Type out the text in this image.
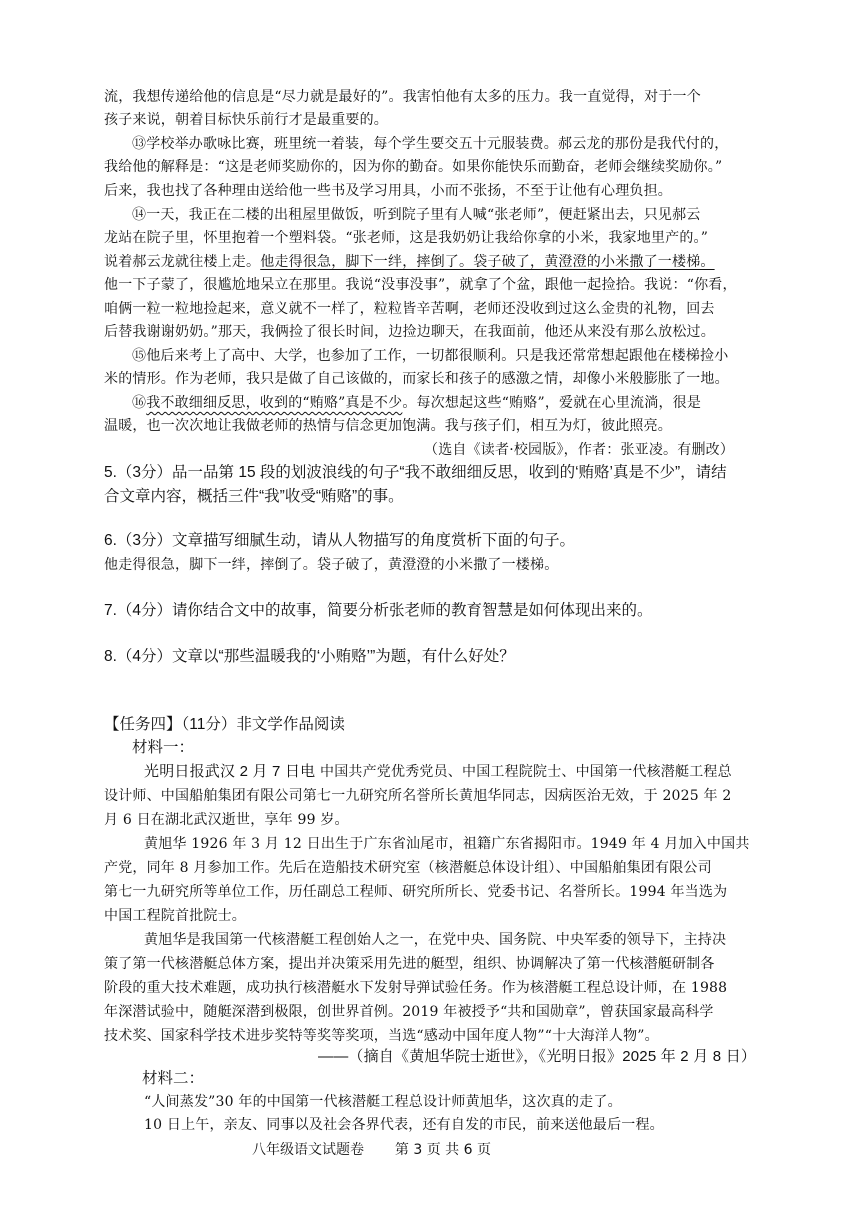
流，我想传递给他的信息是“尽力就是最好的”。我害怕他有太多的压力。我一直觉得，对于一个
孩子来说，朝着目标快乐前行才是最重要的。
⑬学校举办歌咏比赛，班里统一着装，每个学生要交五十元服装费。郝云龙的那份是我代付的，
我给他的解释是：“这是老师奖励你的，因为你的勤奋。如果你能快乐而勤奋，老师会继续奖励你。”
后来，我也找了各种理由送给他一些书及学习用具，小而不张扬，不至于让他有心理负担。
⑭一天，我正在二楼的出租屋里做饭，听到院子里有人喊“张老师”，便赶紧出去，只见郝云
龙站在院子里，怀里抱着一个塑料袋。“张老师，这是我奶奶让我给你拿的小米，我家地里产的。”
说着郝云龙就往楼上走。他走得很急，脚下一绊，摔倒了。袋子破了，黄澄澄的小米撒了一楼梯。
他一下子蒙了，很尴尬地呆立在那里。我说“没事没事”，就拿了个盆，跟他一起捡拾。我说：“你看，
咱俩一粒一粒地捡起来，意义就不一样了，粒粒皆辛苦啊，老师还没收到过这么金贵的礼物，回去
后替我谢谢奶奶。”那天，我俩捡了很长时间，边捡边聊天，在我面前，他还从来没有那么放松过。
⑮他后来考上了高中、大学，也参加了工作，一切都很顺利。只是我还常常想起跟他在楼梯捡小
米的情形。作为老师，我只是做了自己该做的，而家长和孩子的感激之情，却像小米般膨胀了一地。
⑯我不敢细细反思，收到的“贿赂”真是不少。每次想起这些“贿赂”，爱就在心里流淌，很是
温暖，也一次次地让我做老师的热情与信念更加饱满。我与孩子们，相互为灯，彼此照亮。
（选自《读者·校园版》，作者：张亚凌。有删改）
5.（3分）品一品第 15 段的划波浪线的句子“我不敢细细反思，收到的‘贿赂’真是不少”，请结
合文章内容，概括三件“我”收受“贿赂”的事。
6.（3分）文章描写细腻生动，请从人物描写的角度赏析下面的句子。
他走得很急，脚下一绊，摔倒了。袋子破了，黄澄澄的小米撒了一楼梯。
7.（4分）请你结合文中的故事，简要分析张老师的教育智慧是如何体现出来的。
8.（4分）文章以“那些温暖我的‘小贿赂’”为题，有什么好处？
【任务四】（11分）非文学作品阅读
材料一：
光明日报武汉 2 月 7 日电 中国共产党优秀党员、中国工程院院士、中国第一代核潜艇工程总
设计师、中国船舶集团有限公司第七一九研究所名誉所长黄旭华同志，因病医治无效，于 2025 年 2
月 6 日在湖北武汉逝世，享年 99 岁。
黄旭华 1926 年 3 月 12 日出生于广东省汕尾市，祖籍广东省揭阳市。1949 年 4 月加入中国共
产党，同年 8 月参加工作。先后在造船技术研究室（核潜艇总体设计组）、中国船舶集团有限公司
第七一九研究所等单位工作，历任副总工程师、研究所所长、党委书记、名誉所长。1994 年当选为
中国工程院首批院士。
黄旭华是我国第一代核潜艇工程创始人之一，在党中央、国务院、中央军委的领导下，主持决
策了第一代核潜艇总体方案，提出并决策采用先进的艇型，组织、协调解决了第一代核潜艇研制各
阶段的重大技术难题，成功执行核潜艇水下发射导弹试验任务。作为核潜艇工程总设计师，在 1988
年深潜试验中，随艇深潜到极限，创世界首例。2019 年被授予“共和国勋章”，曾获国家最高科学
技术奖、国家科学技术进步奖特等奖等奖项，当选“感动中国年度人物”“十大海洋人物”。
——（摘自《黄旭华院士逝世》，《光明日报》2025 年 2 月 8 日）
材料二：
“人间蒸发”30 年的中国第一代核潜艇工程总设计师黄旭华，这次真的走了。
10 日上午，亲友、同事以及社会各界代表，还有自发的市民，前来送他最后一程。
八年级语文试题卷 第 3 页 共 6 页
